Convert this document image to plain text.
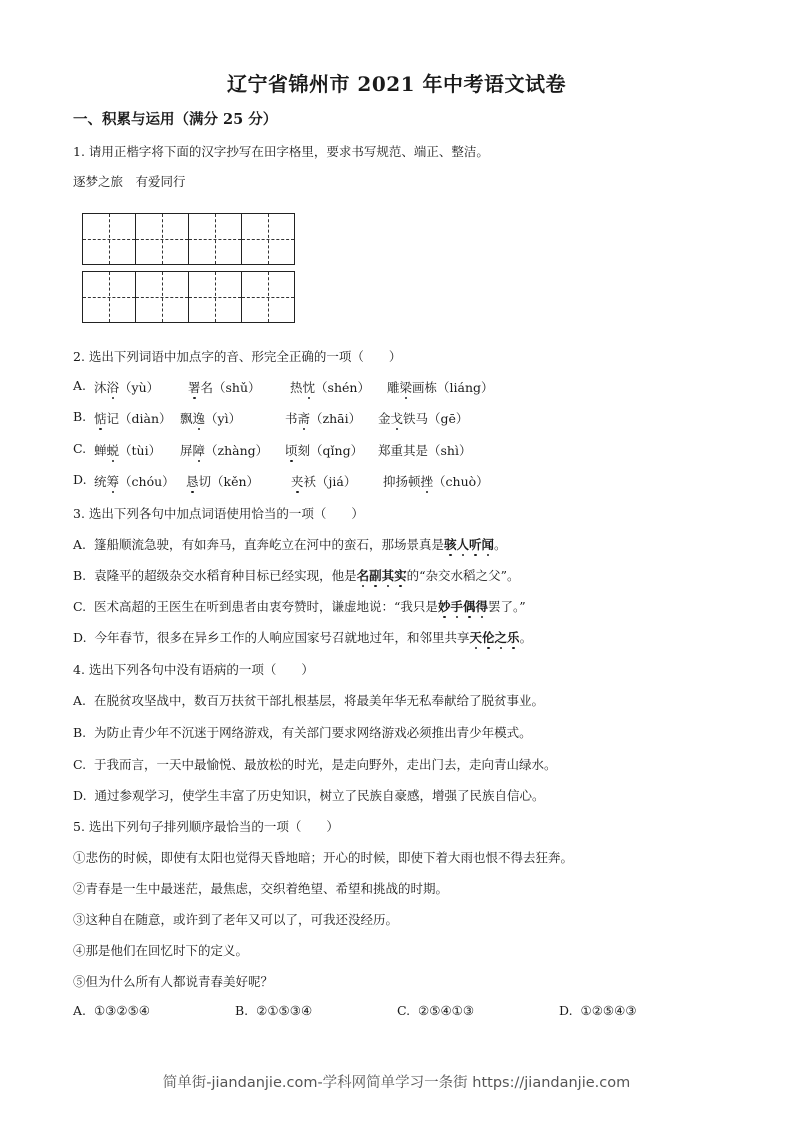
辽宁省锦州市 2021 年中考语文试卷
一、积累与运用（满分 25 分）
1. 请用正楷字将下面的汉字抄写在田字格里，要求书写规范、端正、整洁。
逐梦之旅　有爱同行
2. 选出下列词语中加点字的音、形完全正确的一项（　　）
A. 沐浴（yù） 署名（shǔ） 热忱（shén） 雕梁画栋（liáng）
B. 惦记（diàn） 飘逸（yì）	书斋（zhāi） 金戈铁马（gē）
C. 蝉蜕（tùi） 屏障（zhàng） 顷刻（qǐng） 郑重其是（shì）
D. 统筹（chóu） 恳切（kěn）	夹袄（jiá） 抑扬顿挫（chuò）
3. 选出下列各句中加点词语使用恰当的一项（　　）
A.  篷船顺流急驶，有如奔马，直奔屹立在河中的蛮石，那场景真是骇人听闻。
B.  袁隆平的超级杂交水稻育种目标已经实现，他是名副其实的“杂交水稻之父”。
C.  医术高超的王医生在听到患者由衷夸赞时，谦虚地说：“我只是妙手偶得罢了。”
D.  今年春节，很多在异乡工作的人响应国家号召就地过年，和邻里共享天伦之乐。
4. 选出下列各句中没有语病的一项（　　）
A. 在脱贫攻坚战中，数百万扶贫干部扎根基层，将最美年华无私奉献给了脱贫事业。
B. 为防止青少年不沉迷于网络游戏，有关部门要求网络游戏必须推出青少年模式。
C. 于我而言，一天中最愉悦、最放松的时光，是走向野外，走出门去，走向青山绿水。
D. 通过参观学习，使学生丰富了历史知识，树立了民族自豪感，增强了民族自信心。
5. 选出下列句子排列顺序最恰当的一项（　　）
①悲伤的时候，即使有太阳也觉得天昏地暗；开心的时候，即使下着大雨也恨不得去狂奔。
②青春是一生中最迷茫，最焦虑，交织着绝望、希望和挑战的时期。
③这种自在随意，或许到了老年又可以了，可我还没经历。
④那是他们在回忆时下的定义。
⑤但为什么所有人都说青春美好呢？
A. ①③②⑤④	B. ②①⑤③④	C. ②⑤④①③	D. ①②⑤④③
简单街-jiandanjie.com-学科网简单学习一条街 https://jiandanjie.com
